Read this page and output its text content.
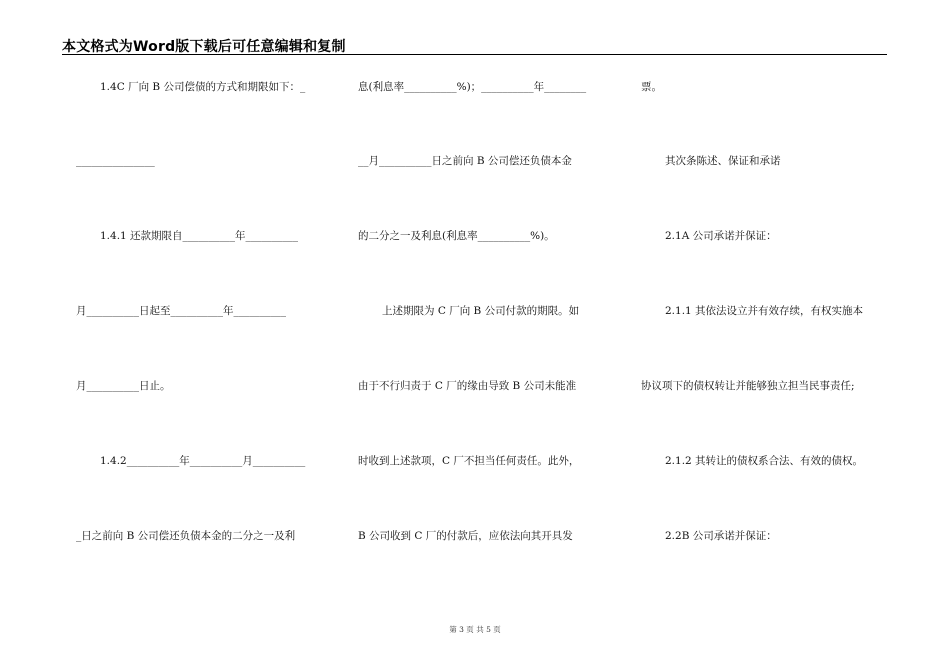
本文格式为Word版下载后可任意编辑和复制
1.4C 厂向 B 公司偿债的方式和期限如下：_
_______________
1.4.1 还款期限自__________年__________
月__________日起至__________年__________
月__________日止。
1.4.2__________年__________月__________
_日之前向 B 公司偿还负债本金的二分之一及利
息(利息率__________%)；__________年________
__月__________日之前向 B 公司偿还负债本金
的二分之一及利息(利息率__________%)。
上述期限为 C 厂向 B 公司付款的期限。如
由于不行归责于 C 厂的缘由导致 B 公司未能准
时收到上述款项，C 厂不担当任何责任。此外，
B 公司收到 C 厂的付款后，应依法向其开具发
票。
其次条陈述、保证和承诺
2.1A 公司承诺并保证：
2.1.1 其依法设立并有效存续，有权实施本
协议项下的债权转让并能够独立担当民事责任;
2.1.2 其转让的债权系合法、有效的债权。
2.2B 公司承诺并保证：
第 3 页 共 5 页
